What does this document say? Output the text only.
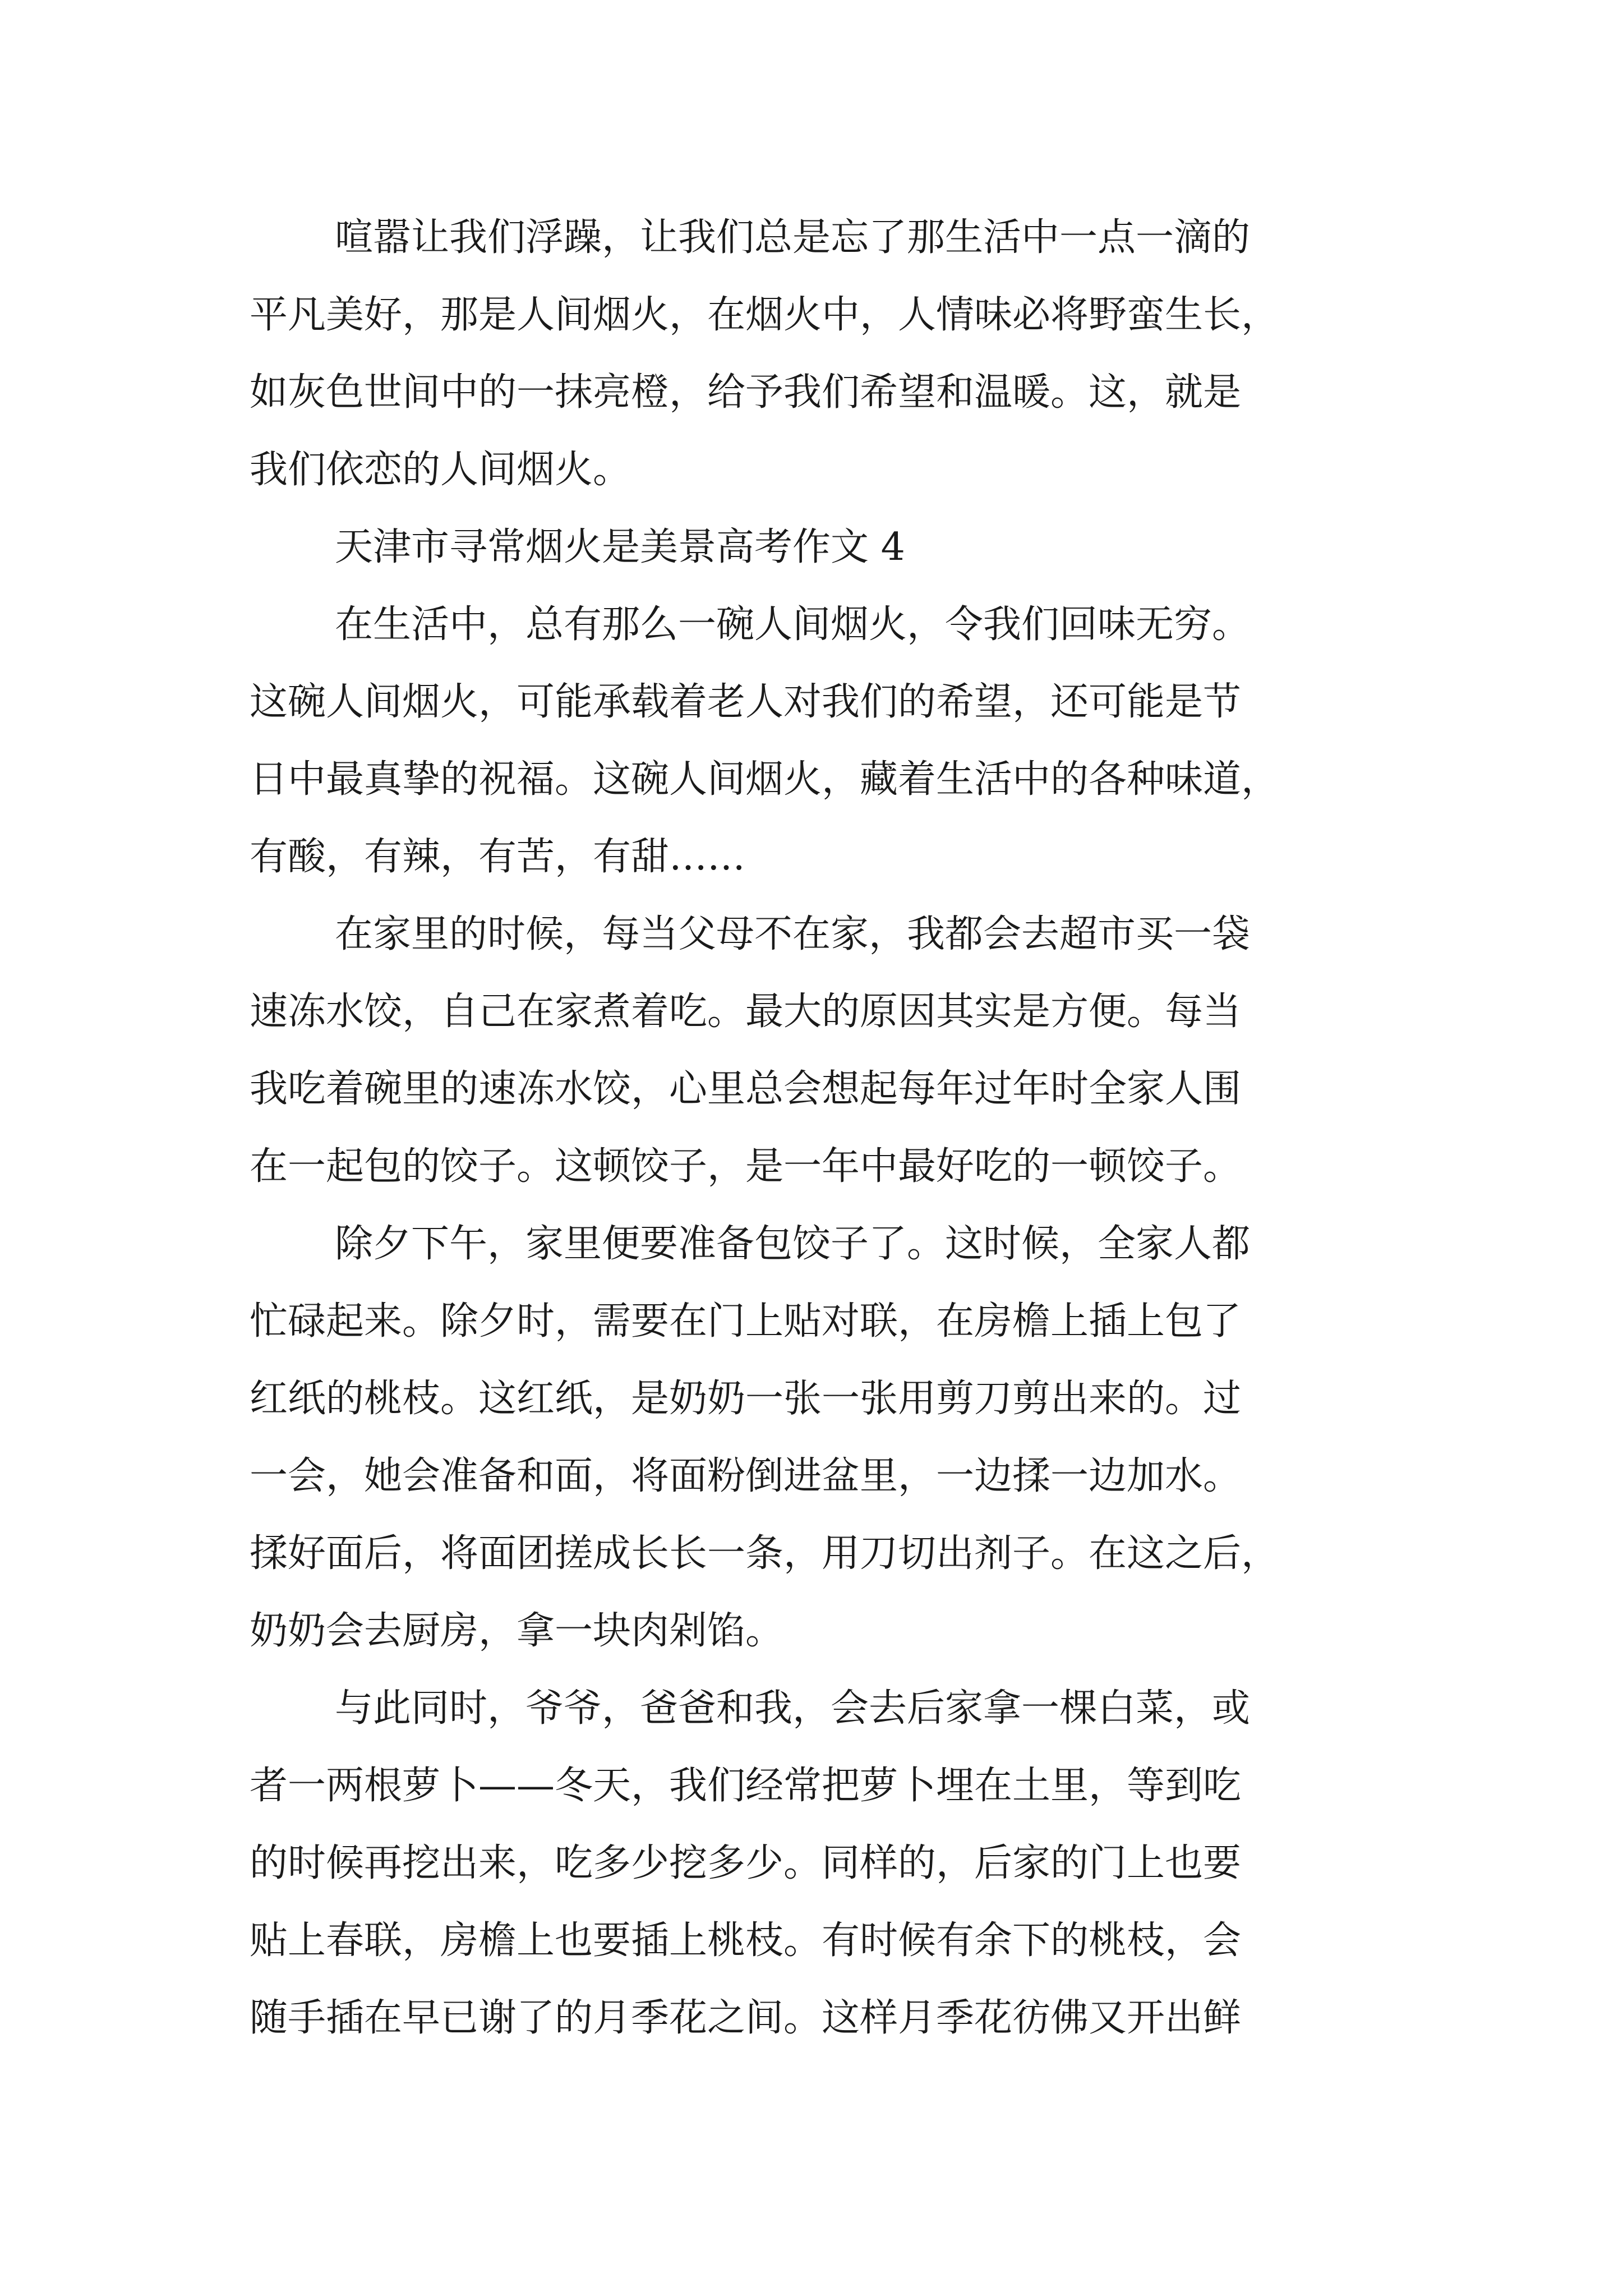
喧嚣让我们浮躁，让我们总是忘了那生活中一点一滴的
平凡美好，那是人间烟火，在烟火中，人情味必将野蛮生长，
如灰色世间中的一抹亮橙，给予我们希望和温暖。这，就是
我们依恋的人间烟火。

天津市寻常烟火是美景高考作文 4

在生活中，总有那么一碗人间烟火，令我们回味无穷。
这碗人间烟火，可能承载着老人对我们的希望，还可能是节
日中最真挚的祝福。这碗人间烟火，藏着生活中的各种味道，
有酸，有辣，有苦，有甜……

在家里的时候，每当父母不在家，我都会去超市买一袋
速冻水饺，自己在家煮着吃。最大的原因其实是方便。每当
我吃着碗里的速冻水饺，心里总会想起每年过年时全家人围
在一起包的饺子。这顿饺子，是一年中最好吃的一顿饺子。

除夕下午，家里便要准备包饺子了。这时候，全家人都
忙碌起来。除夕时，需要在门上贴对联，在房檐上插上包了
红纸的桃枝。这红纸，是奶奶一张一张用剪刀剪出来的。过
一会，她会准备和面，将面粉倒进盆里，一边揉一边加水。
揉好面后，将面团搓成长长一条，用刀切出剂子。在这之后，
奶奶会去厨房，拿一块肉剁馅。

与此同时，爷爷，爸爸和我，会去后家拿一棵白菜，或
者一两根萝卜——冬天，我们经常把萝卜埋在土里，等到吃
的时候再挖出来，吃多少挖多少。同样的，后家的门上也要
贴上春联，房檐上也要插上桃枝。有时候有余下的桃枝，会
随手插在早已谢了的月季花之间。这样月季花彷佛又开出鲜
